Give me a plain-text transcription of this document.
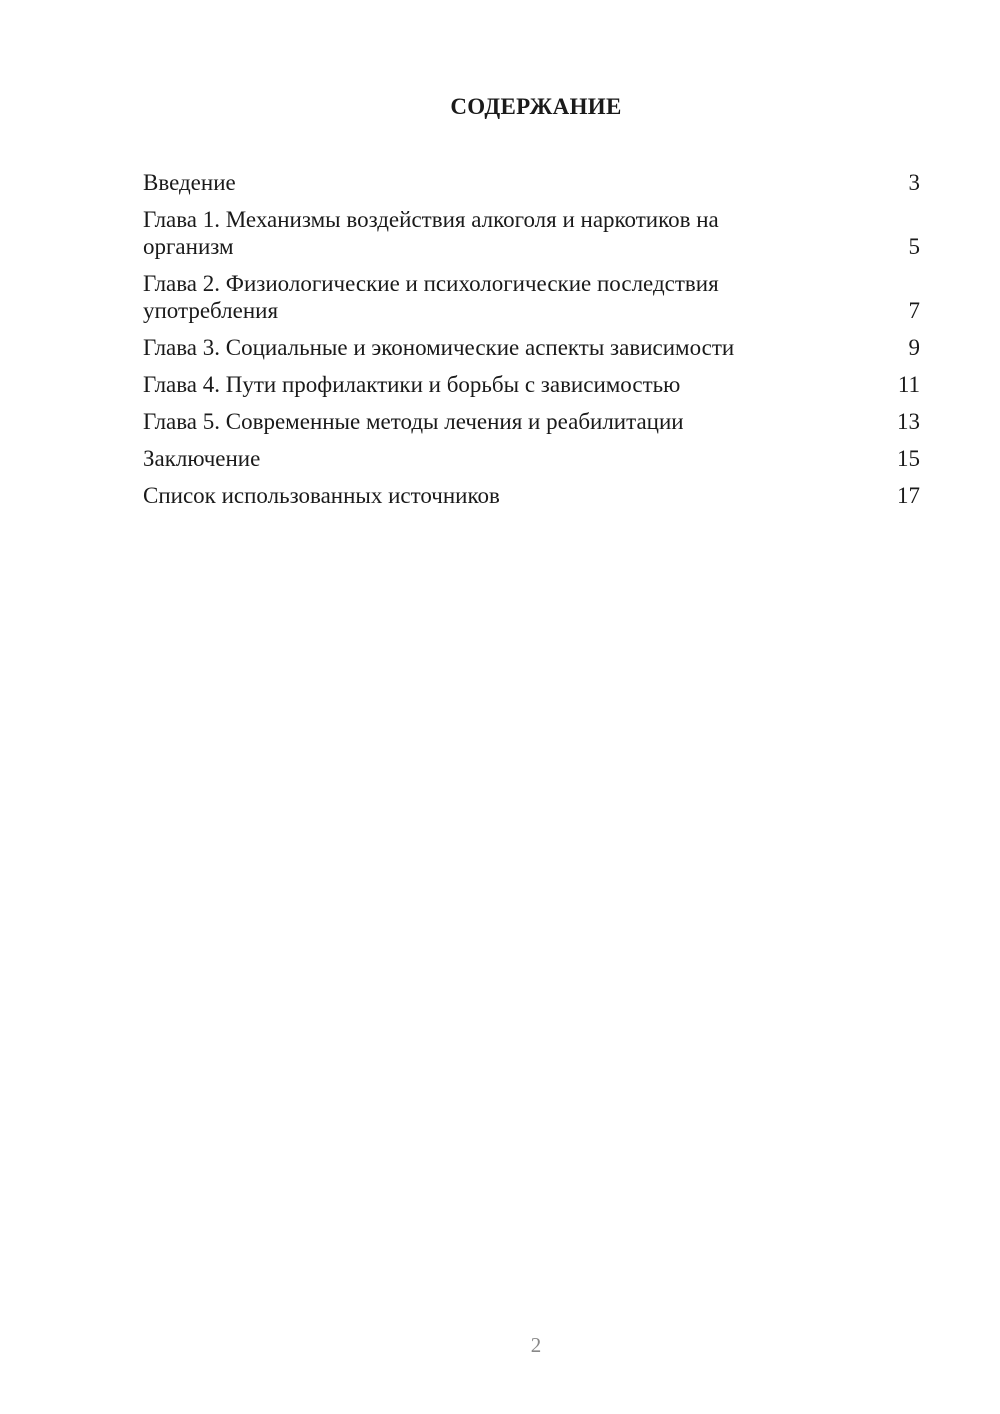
СОДЕРЖАНИЕ
Введение	3
Глава 1. Механизмы воздействия алкоголя и наркотиков на организм	5
Глава 2. Физиологические и психологические последствия употребления	7
Глава 3. Социальные и экономические аспекты зависимости	9
Глава 4. Пути профилактики и борьбы с зависимостью	11
Глава 5. Современные методы лечения и реабилитации	13
Заключение	15
Список использованных источников	17
2
